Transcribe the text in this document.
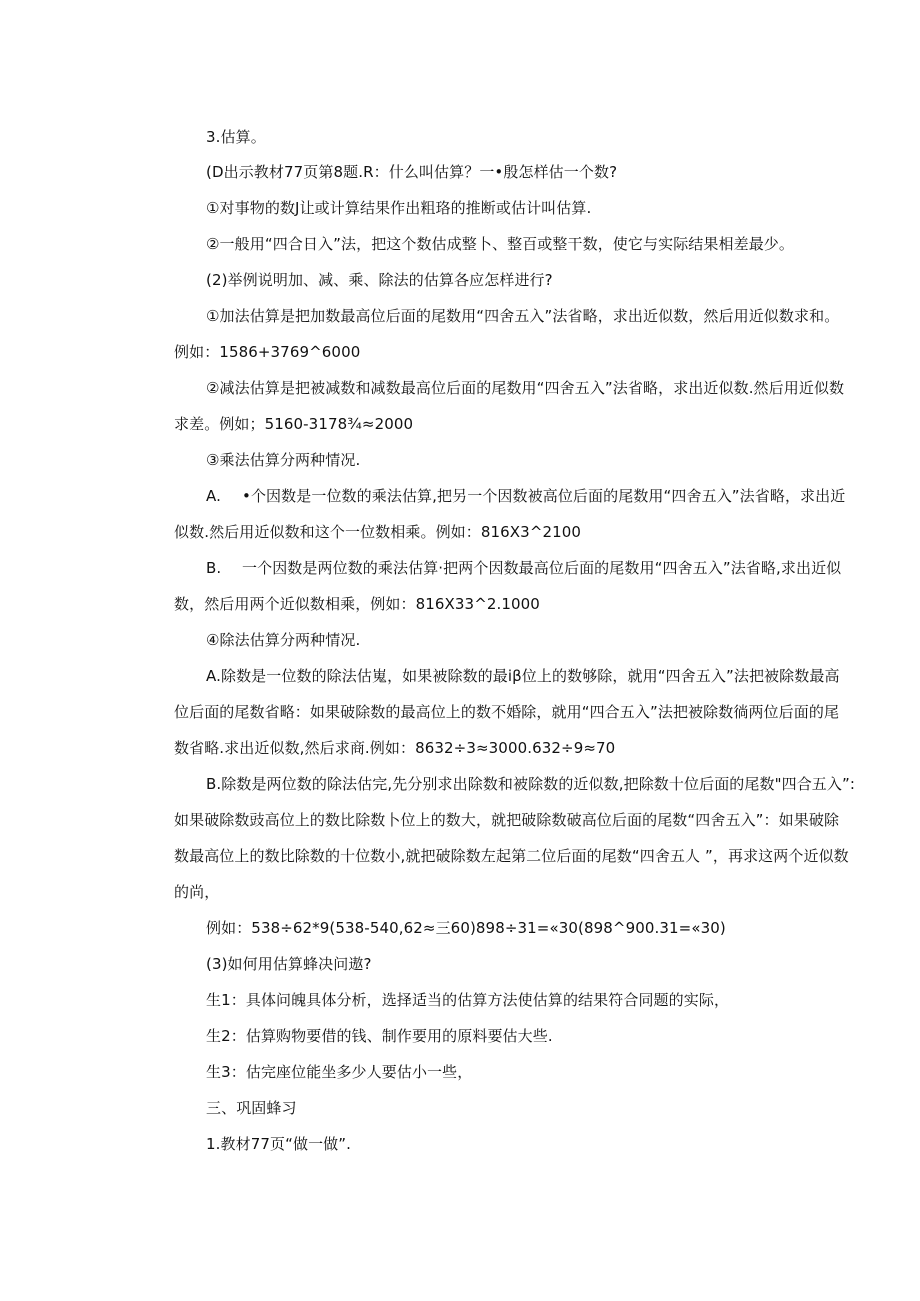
3.估算。
(D出示教材77页第8题.R：什么叫估算？一•殷怎样估一个数?
①对事物的数J让或计算结果作出粗珞的推断或估计叫估算.
②一般用“四合日入”法，把这个数估成整卜、整百或整干数，使它与实际结果相差最少。
(2)举例说明加、减、乘、除法的估算各应怎样进行?
①加法估算是把加数最高位后面的尾数用“四舍五入”法省略，求出近似数，然后用近似数求和。
例如：1586+3769^6000
②减法估算是把被减数和减数最高位后面的尾数用“四舍五入”法省略，求出近似数.然后用近似数
求差。例如；5160-3178¾≈2000
③乘法估算分两种情况.
A. •个因数是一位数的乘法估算,把另一个因数被高位后面的尾数用“四舍五入”法省略，求出近
似数.然后用近似数和这个一位数相乘。例如：816X3^2100
B. 一个因数是两位数的乘法估算·把两个因数最高位后面的尾数用“四舍五入”法省略,求出近似
数，然后用两个近似数相乘，例如：816X33^2.1000
④除法估算分两种情况.
A.除数是一位数的除法估嵬，如果被除数的最iβ位上的数够除，就用“四舍五入”法把被除数最高
位后面的尾数省略：如果破除数的最高位上的数不婚除，就用“四合五入”法把被除数徜两位后面的尾
数省略.求出近似数,然后求商.例如：8632÷3≈3000.632÷9≈70
B.除数是两位数的除法估完,先分别求出除数和被除数的近似数,把除数十位后面的尾数"四合五入”:
如果破除数豉高位上的数比除数卜位上的数大，就把破除数破高位后面的尾数“四舍五入”：如果破除
数最高位上的数比除数的十位数小,就把破除数左起第二位后面的尾数“四舍五人 ”，再求这两个近似数
的尚，
例如：538÷62*9(538-540,62≈三60)898÷31=«30(898^900.31=«30)
(3)如何用估算蜂决问遨?
生1：具体问魄具体分析，选择适当的估算方法使估算的结果符合同题的实际，
生2：估算购物要借的钱、制作要用的原料要估大些.
生3：估完座位能坐多少人要估小一些，
三、巩固蜂习
1.教材77页“做一做”.
